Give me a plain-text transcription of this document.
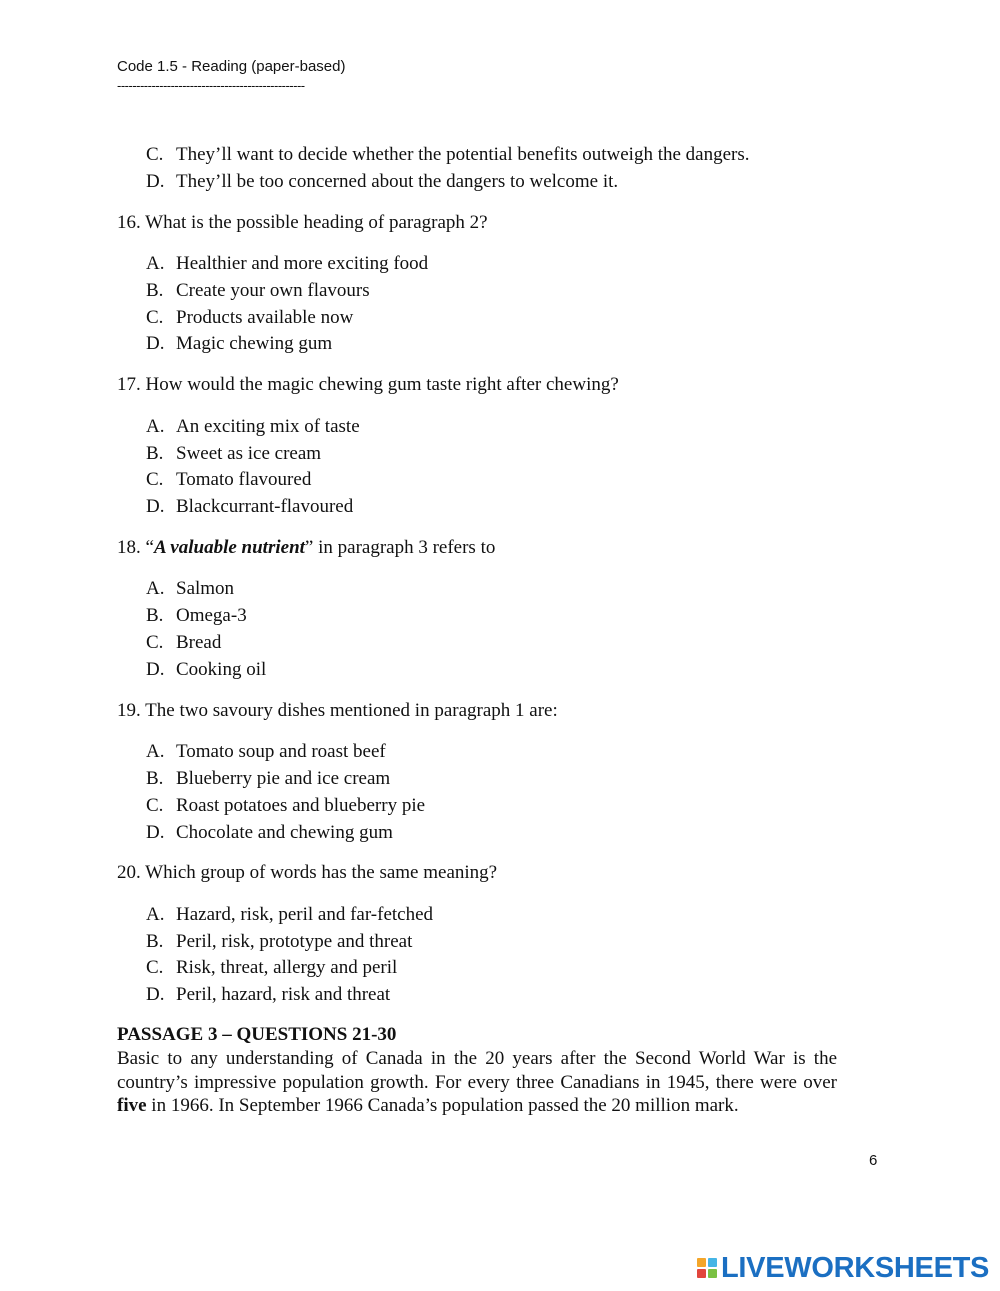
Code 1.5 - Reading (paper-based)
-------------------------------------------------
C. They’ll want to decide whether the potential benefits outweigh the dangers.
D. They’ll be too concerned about the dangers to welcome it.

16. What is the possible heading of paragraph 2?

A. Healthier and more exciting food
B. Create your own flavours
C. Products available now
D. Magic chewing gum

17. How would the magic chewing gum taste right after chewing?

A. An exciting mix of taste
B. Sweet as ice cream
C. Tomato flavoured
D. Blackcurrant-flavoured

18. “A valuable nutrient” in paragraph 3 refers to

A. Salmon
B. Omega-3
C. Bread
D. Cooking oil

19. The two savoury dishes mentioned in paragraph 1 are:

A. Tomato soup and roast beef
B. Blueberry pie and ice cream
C. Roast potatoes and blueberry pie
D. Chocolate and chewing gum

20. Which group of words has the same meaning?

A. Hazard, risk, peril and far-fetched
B. Peril, risk, prototype and threat
C. Risk, threat, allergy and peril
D. Peril, hazard, risk and threat

PASSAGE 3 – QUESTIONS 21-30

Basic to any understanding of Canada in the 20 years after the Second World War is the country’s impressive population growth. For every three Canadians in 1945, there were over five in 1966. In September 1966 Canada’s population passed the 20 million mark.

6
LIVEWORKSHEETS
